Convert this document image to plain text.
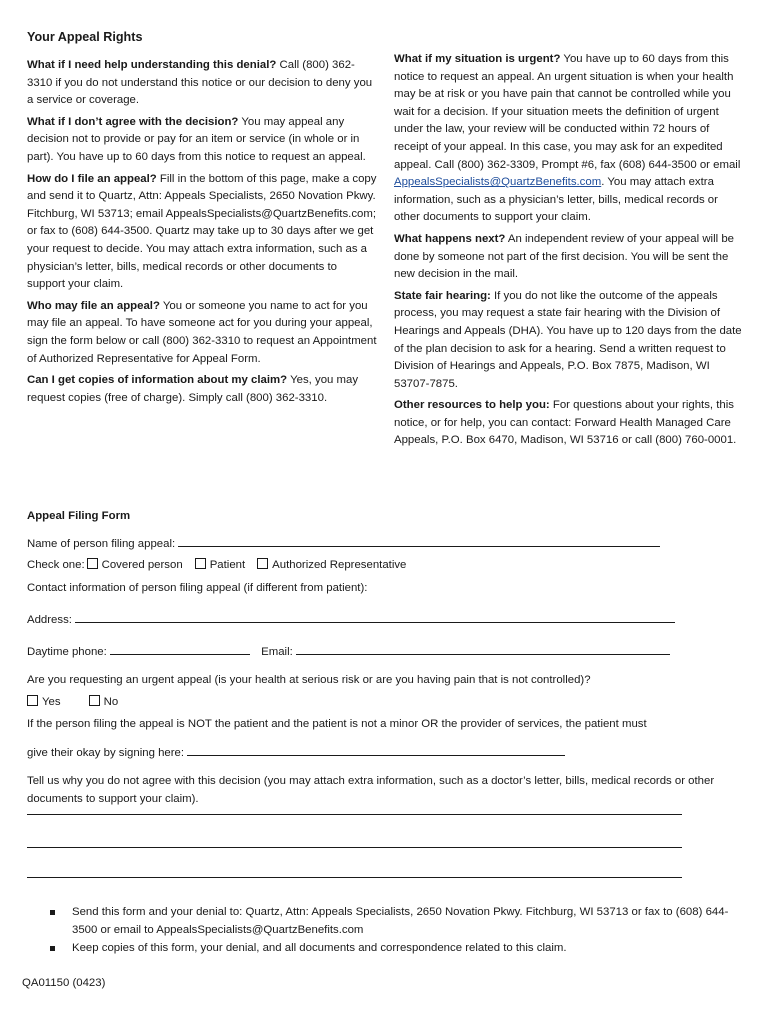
Your Appeal Rights

What if I need help understanding this denial? Call (800) 362-3310 if you do not understand this notice or our decision to deny you a service or coverage.

What if I don’t agree with the decision? You may appeal any decision not to provide or pay for an item or service (in whole or in part). You have up to 60 days from this notice to request an appeal.

How do I file an appeal? Fill in the bottom of this page, make a copy and send it to Quartz, Attn: Appeals Specialists, 2650 Novation Pkwy. Fitchburg, WI 53713; email AppealsSpecialists@QuartzBenefits.com; or fax to (608) 644-3500. Quartz may take up to 30 days after we get your request to decide. You may attach extra information, such as a physician’s letter, bills, medical records or other documents to support your claim.

Who may file an appeal? You or someone you name to act for you may file an appeal. To have someone act for you during your appeal, sign the form below or call (800) 362-3310 to request an Appointment of Authorized Representative for Appeal Form.

Can I get copies of information about my claim? Yes, you may request copies (free of charge). Simply call (800) 362-3310.

What if my situation is urgent? You have up to 60 days from this notice to request an appeal. An urgent situation is when your health may be at risk or you have pain that cannot be controlled while you wait for a decision. If your situation meets the definition of urgent under the law, your review will be conducted within 72 hours of receipt of your appeal. In this case, you may ask for an expedited appeal. Call (800) 362-3309, Prompt #6, fax (608) 644-3500 or email AppealsSpecialists@QuartzBenefits.com. You may attach extra information, such as a physician’s letter, bills, medical records or other documents to support your claim.

What happens next? An independent review of your appeal will be done by someone not part of the first decision. You will be sent the new decision in the mail.

State fair hearing: If you do not like the outcome of the appeals process, you may request a state fair hearing with the Division of Hearings and Appeals (DHA). You have up to 120 days from the date of the plan decision to ask for a hearing. Send a written request to Division of Hearings and Appeals, P.O. Box 7875, Madison, WI 53707-7875.

Other resources to help you: For questions about your rights, this notice, or for help, you can contact: Forward Health Managed Care Appeals, P.O. Box 6470, Madison, WI 53716 or call (800) 760-0001.

Appeal Filing Form
Name of person filing appeal:
Check one: Covered person Patient Authorized Representative
Contact information of person filing appeal (if different from patient):
Address:
Daytime phone:	Email:
Are you requesting an urgent appeal (is your health at serious risk or are you having pain that is not controlled)?
Yes	No
If the person filing the appeal is NOT the patient and the patient is not a minor OR the provider of services, the patient must
give their okay by signing here:
Tell us why you do not agree with this decision (you may attach extra information, such as a doctor’s letter, bills, medical records or other documents to support your claim).
Send this form and your denial to: Quartz, Attn: Appeals Specialists, 2650 Novation Pkwy. Fitchburg, WI 53713 or fax to (608) 644-3500 or email to AppealsSpecialists@QuartzBenefits.com
Keep copies of this form, your denial, and all documents and correspondence related to this claim.
QA01150 (0423)
